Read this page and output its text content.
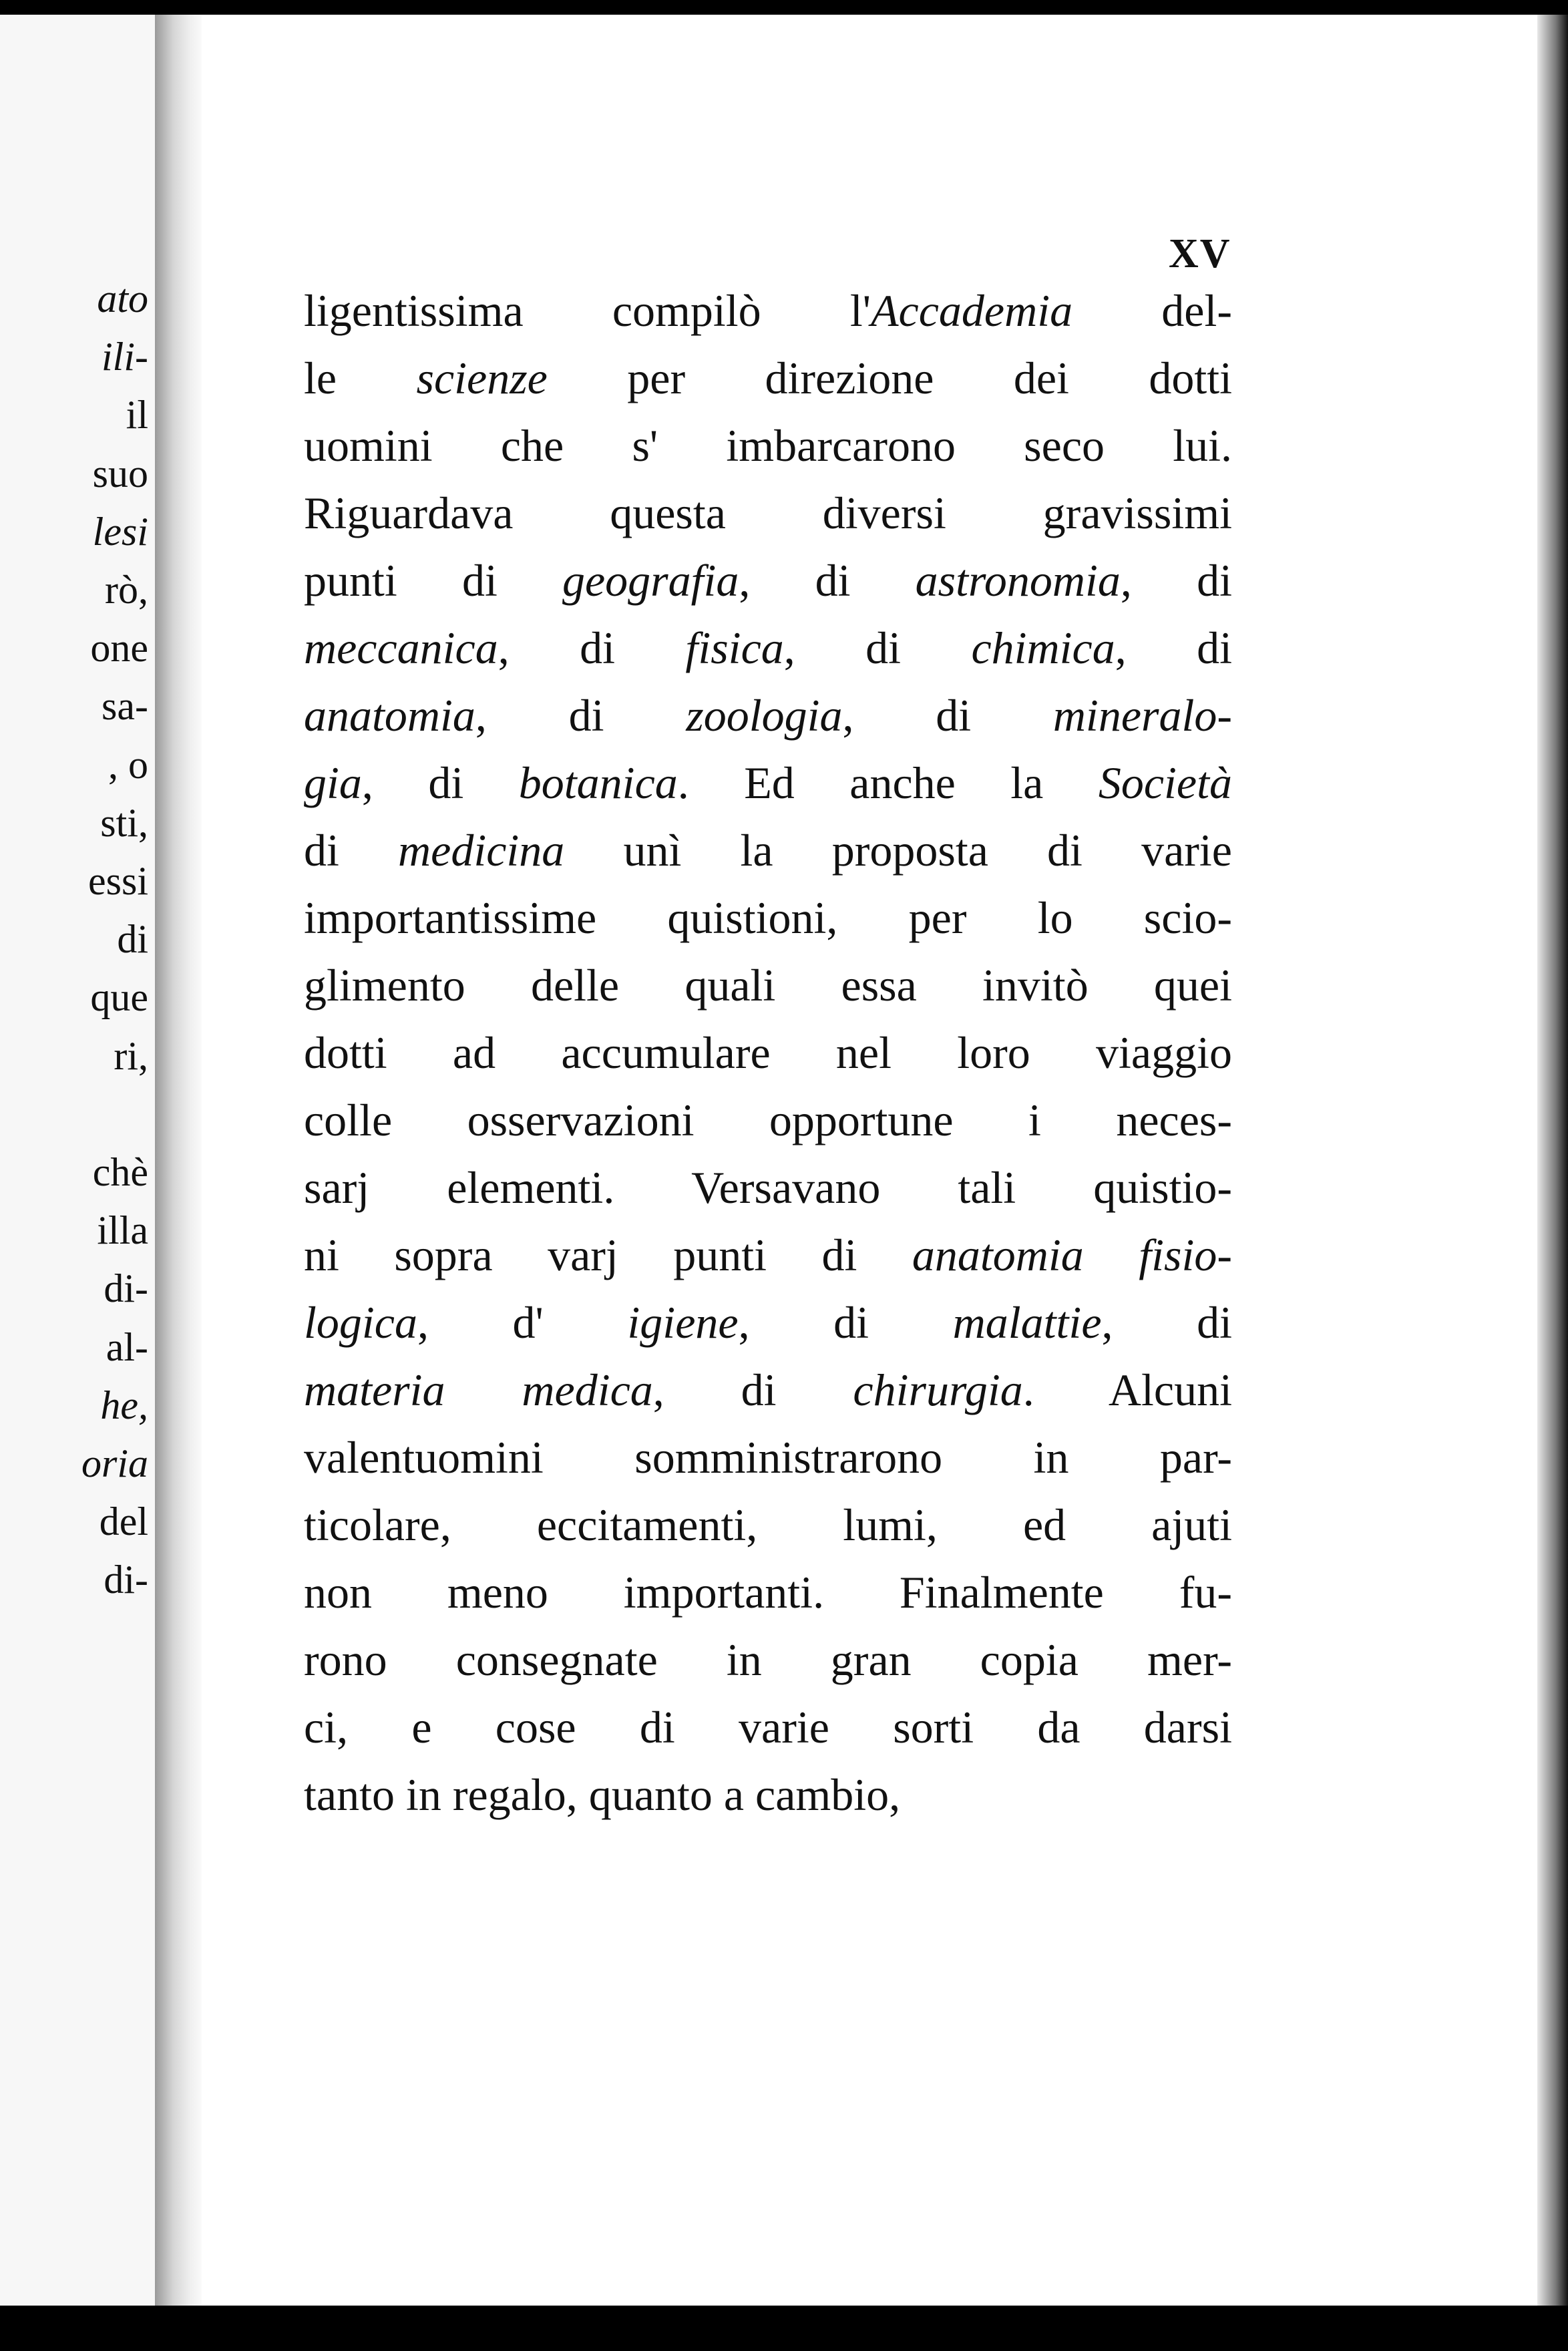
ato
ili-
il
suo
lesi
rò,
one
sa-
, o
sti,
essi
di
que
ri,
chè
illa
di-
al-
he,
oria
del
di-
XV
ligentissima compilò l'Accademia del-
le scienze per direzione dei dotti
uomini che s' imbarcarono seco lui.
Riguardava questa diversi gravissimi
punti di geografia, di astronomia, di
meccanica, di fisica, di chimica, di
anatomia, di zoologia, di mineralo-
gia, di botanica. Ed anche la Società
di medicina unì la proposta di varie
importantissime quistioni, per lo scio-
glimento delle quali essa invitò quei
dotti ad accumulare nel loro viaggio
colle osservazioni opportune i neces-
sarj elementi. Versavano tali quistio-
ni sopra varj punti di anatomia fisio-
logica, d' igiene, di malattie, di
materia medica, di chirurgia. Alcuni
valentuomini somministrarono in par-
ticolare, eccitamenti, lumi, ed ajuti
non meno importanti. Finalmente fu-
rono consegnate in gran copia mer-
ci, e cose di varie sorti da darsi
tanto in regalo, quanto a cambio,
